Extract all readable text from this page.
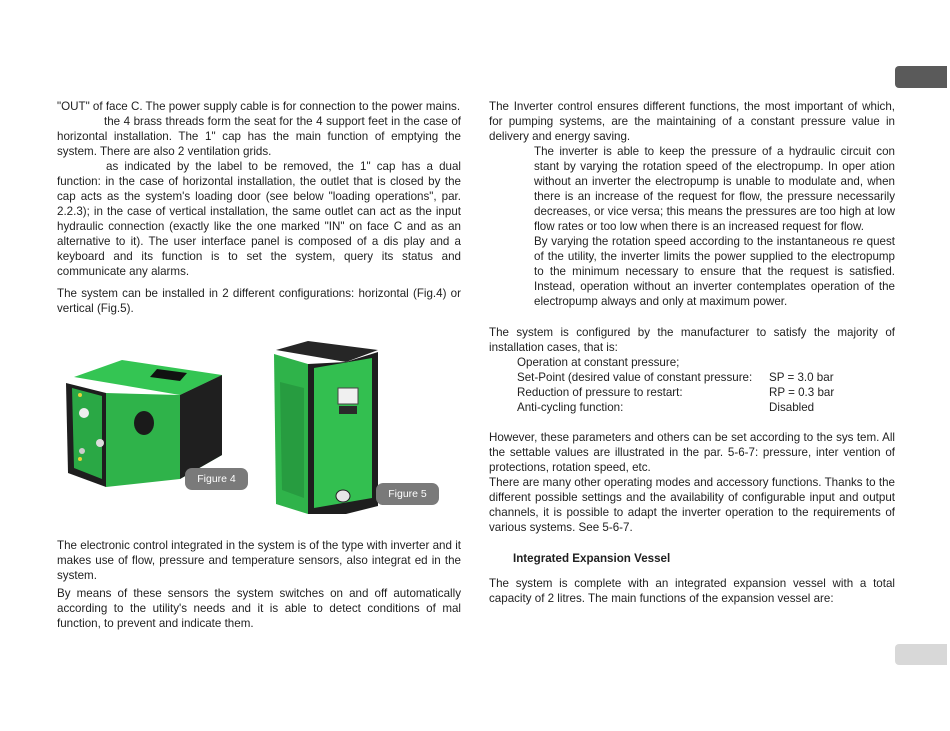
"OUT" of face C. The power supply cable is for connection to the power mains.

the 4 brass threads form the seat for the 4 support feet in the case of horizontal installation. The 1" cap has the main function of emptying the system. There are also 2 ventilation grids.

as indicated by the label to be removed, the 1" cap has a dual function: in the case of horizontal installation, the outlet that is closed by the cap acts as the system's loading door (see below "loading operations", par. 2.2.3); in the case of vertical installation, the same outlet can act as the input hydraulic connection (exactly like the one marked "IN" on face C and as an alternative to it). The user interface panel is composed of a dis play and a keyboard and its function is to set the system, query its status and communicate any alarms.

The system can be installed in 2 different configurations: horizontal (Fig.4) or vertical (Fig.5).

Figure 4
Figure 5

The electronic control integrated in the system is of the type with inverter and it makes use of flow, pressure and temperature sensors, also integrat ed in the system.

By means of these sensors the system switches on and off automatically according to the utility's needs and it is able to detect conditions of mal function, to prevent and indicate them.

The Inverter control ensures different functions, the most important of which, for pumping systems, are the maintaining of a constant pressure value in delivery and energy saving.

The inverter is able to keep the pressure of a hydraulic circuit con stant by varying the rotation speed of the electropump. In oper ation without an inverter the electropump is unable to modulate and, when there is an increase of the request for flow, the pressure necessarily decreases, or vice versa; this means the pressures are too high at low flow rates or too low when there is an increased request for flow.

By varying the rotation speed according to the instantaneous re quest of the utility, the inverter limits the power supplied to the electropump to the minimum necessary to ensure that the request is satisfied. Instead, operation without an inverter contemplates operation of the electropump always and only at maximum power.

The system is configured by the manufacturer to satisfy the majority of installation cases, that is:

Operation at constant pressure;
Set-Point (desired value of constant pressure:	SP = 3.0 bar
Reduction of pressure to restart:	RP = 0.3 bar
Anti-cycling function:	Disabled

However, these parameters and others can be set according to the sys tem. All the settable values are illustrated in the par. 5-6-7: pressure, inter vention of protections, rotation speed, etc.

There are many other operating modes and accessory functions. Thanks to the different possible settings and the availability of configurable input and output channels, it is possible to adapt the inverter operation to the requirements of various systems. See 5-6-7.

Integrated Expansion Vessel

The system is complete with an integrated expansion vessel with a total capacity of 2 litres. The main functions of the expansion vessel are:
